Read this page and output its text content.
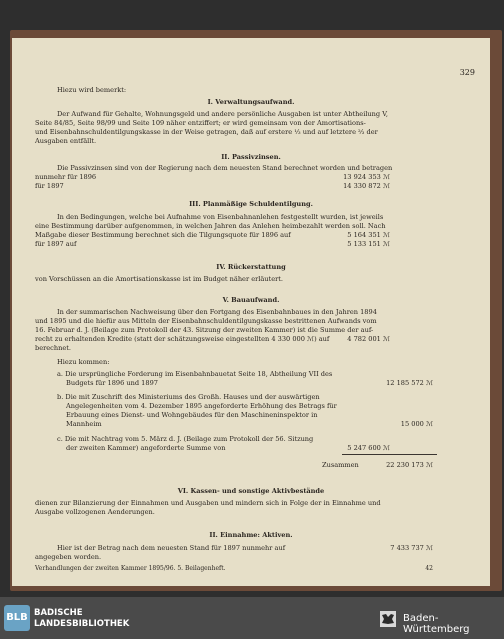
329
Hiezu wird bemerkt:
I. Verwaltungsaufwand.
Der Aufwand für Gehalte, Wohnungsgeld und andere persönliche Ausgaben ist unter Abtheilung V,
Seite 84/85, Seite 98/99 und Seite 109 näher entziffert; er wird gemeinsam von der Amortisations-
und Eisenbahnschuldentilgungskasse in der Weise getragen, daß auf erstere ¹⁄₃ und auf letztere ²⁄₃ der
Ausgaben entfällt.
II. Passivzinsen.
Die Passivzinsen sind von der Regierung nach dem neuesten Stand berechnet worden und betragen
nunmehr für 1896	13 924 353 ℳ
für 1897	14 330 872 ℳ
III. Planmäßige Schuldentilgung.
In den Bedingungen, welche bei Aufnahme von Eisenbahnanlehen festgestellt wurden, ist jeweils
eine Bestimmung darüber aufgenommen, in welchen Jahren das Anlehen heimbezahlt werden soll. Nach
Maßgabe dieser Bestimmung berechnet sich die Tilgungsquote für 1896 auf	5 164 351 ℳ
für 1897 auf	5 133 151 ℳ
IV. Rückerstattung
von Vorschüssen an die Amortisationskasse ist im Budget näher erläutert.
V. Bauaufwand.
In der summarischen Nachweisung über den Fortgang des Eisenbahnbaues in den Jahren 1894
und 1895 und die hiefür aus Mitteln der Eisenbahnschuldentilgungskasse bestrittenen Aufwands vom
16. Februar d. J. (Beilage zum Protokoll der 43. Sitzung der zweiten Kammer) ist die Summe der auf-
recht zu erhaltenden Kredite (statt der schätzungsweise eingestellten 4 330 000 ℳ) auf	4 782 001 ℳ
berechnet.
Hiezu kommen:
a. Die ursprüngliche Forderung im Eisenbahnbauetat Seite 18, Abtheilung VII des
Budgets für 1896 und 1897	12 185 572 ℳ
b. Die mit Zuschrift des Ministeriums des Großh. Hauses und der auswärtigen
Angelegenheiten vom 4. Dezember 1895 angeforderte Erhöhung des Betrags für
Erbauung eines Dienst- und Wohngebäudes für den Maschineninspektor in
Mannheim	15 000 ℳ
c. Die mit Nachtrag vom 5. März d. J. (Beilage zum Protokoll der 56. Sitzung
der zweiten Kammer) angeforderte Summe von	5 247 600 ℳ
Zusammen	22 230 173 ℳ
VI. Kassen- und sonstige Aktivbestände
dienen zur Bilanzierung der Einnahmen und Ausgaben und mindern sich in Folge der in Einnahme und
Ausgabe vollzogenen Aenderungen.
II. Einnahme: Aktiven.
Hier ist der Betrag nach dem neuesten Stand für 1897 nunmehr auf	7 433 737 ℳ
angegeben worden.
Verhandlungen der zweiten Kammer 1895/96. 5. Beilagenheft.	42
BLB BADISCHE
LANDESBIBLIOTHEK	Baden-Württemberg
